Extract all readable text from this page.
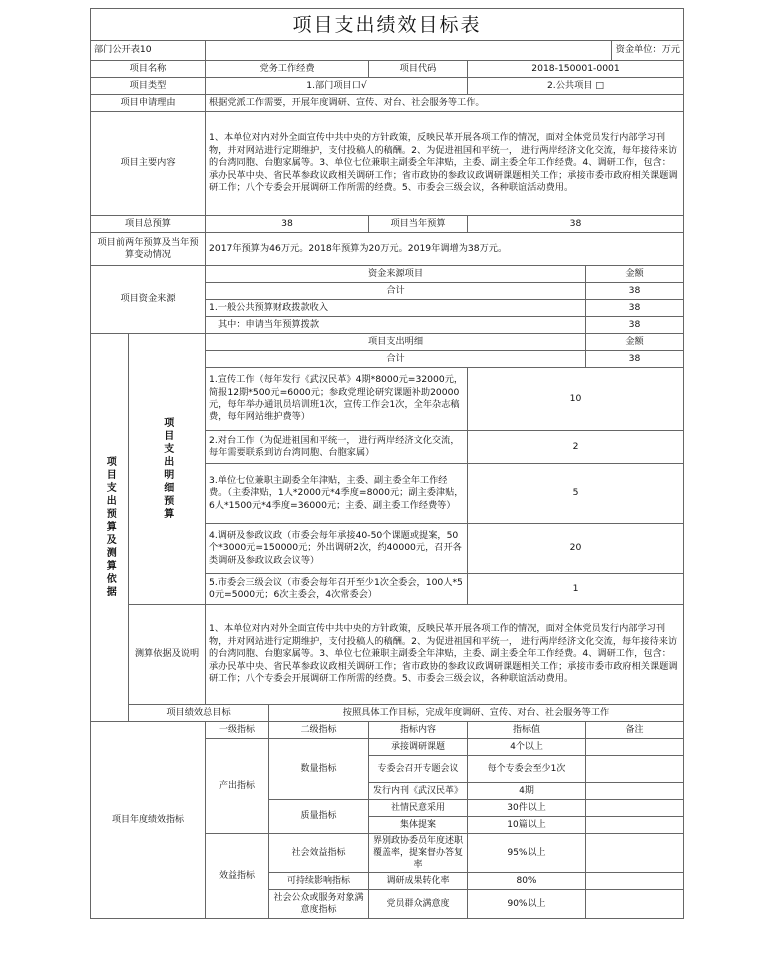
项目支出绩效目标表
部门公开表10							资金单位：万元
项目名称		党务工作经费		项目代码	2018-150001-0001		
项目类型		1.部门项目口√			2.公共项目 □		
项目申请理由		根据党派工作需要，开展年度调研、宣传、对台、社会服务等工作。					
项目主要内容		1、本单位对内对外全面宣传中共中央的方针政策，反映民革开展各项工作的情况，面对全体党员发行内部学习刊物，并对网站进行定期维护，支付投稿人的稿酬。2、为促进祖国和平统一， 进行两岸经济文化交流，每年接待来访的台湾同胞、台胞家属等。3、单位七位兼职主副委全年津贴，主委、副主委全年工作经费。4、调研工作，包含：承办民革中央、省民革参政议政相关调研工作；省市政协的参政议政调研课题相关工作；承接市委市政府相关课题调研工作；八个专委会开展调研工作所需的经费。5、市委会三级会议，各种联谊活动费用。					
项目总预算		38		项目当年预算	38		
项目前两年预算及当年预算变动情况		2017年预算为46万元。2018年预算为20万元。2019年调增为38万元。					
项目资金来源		资金来源项目				金额	
		合计				38	
		1.一般公共预算财政拨款收入				38	
		其中：申请当年预算拨款				38	

项目支出预算及测算依据	项目支出明细预算	项目支出明细				金额	
		合计				38	
		1.宣传工作（每年发行《武汉民革》4期*8000元=32000元，简报12期*500元=6000元；参政党理论研究课题补助20000元，每年举办通讯员培训班1次，宣传工作会1次，全年杂志稿费，每年网站维护费等）			10		
		2.对台工作（为促进祖国和平统一， 进行两岸经济文化交流，每年需要联系到访台湾同胞、台胞家属）			2		
		3.单位七位兼职主副委全年津贴，主委、副主委全年工作经费。（主委津贴，1人*2000元*4季度=8000元；副主委津贴，6人*1500元*4季度=36000元；主委、副主委工作经费等）			5		
		4.调研及参政议政（市委会每年承接40-50个课题或提案，50个*3000元=150000元；外出调研2次，约40000元，召开各类调研及参政议政会议等）			20		
		5.市委会三级会议（市委会每年召开至少1次全委会，100人*50元=5000元；6次主委会，4次常委会）			1		
	测算依据及说明	1、本单位对内对外全面宣传中共中央的方针政策，反映民革开展各项工作的情况，面对全体党员发行内部学习刊物，并对网站进行定期维护，支付投稿人的稿酬。2、为促进祖国和平统一， 进行两岸经济文化交流，每年接待来访的台湾同胞、台胞家属等。3、单位七位兼职主副委全年津贴，主委、副主委全年工作经费。4、调研工作，包含：承办民革中央、省民革参政议政相关调研工作；省市政协的参政议政调研课题相关工作；承接市委市政府相关课题调研工作；八个专委会开展调研工作所需的经费。5、市委会三级会议，各种联谊活动费用。					
	项目绩效总目标		按照具体工作目标，完成年度调研、宣传、对台、社会服务等工作				
项目年度绩效指标		一级指标	二级指标	指标内容	指标值	备注	
		产出指标	数量指标	承接调研课题	4个以上		
				专委会召开专题会议	每个专委会至少1次		
				发行内刊《武汉民革》	4期		
			质量指标	社情民意采用	30件以上		
				集体提案	10篇以上		
		效益指标	社会效益指标	界别政协委员年度述职覆盖率，提案督办答复率	95%以上		
			可持续影响指标	调研成果转化率	80%		
			社会公众或服务对象满意度指标	党员群众满意度	90%以上		
